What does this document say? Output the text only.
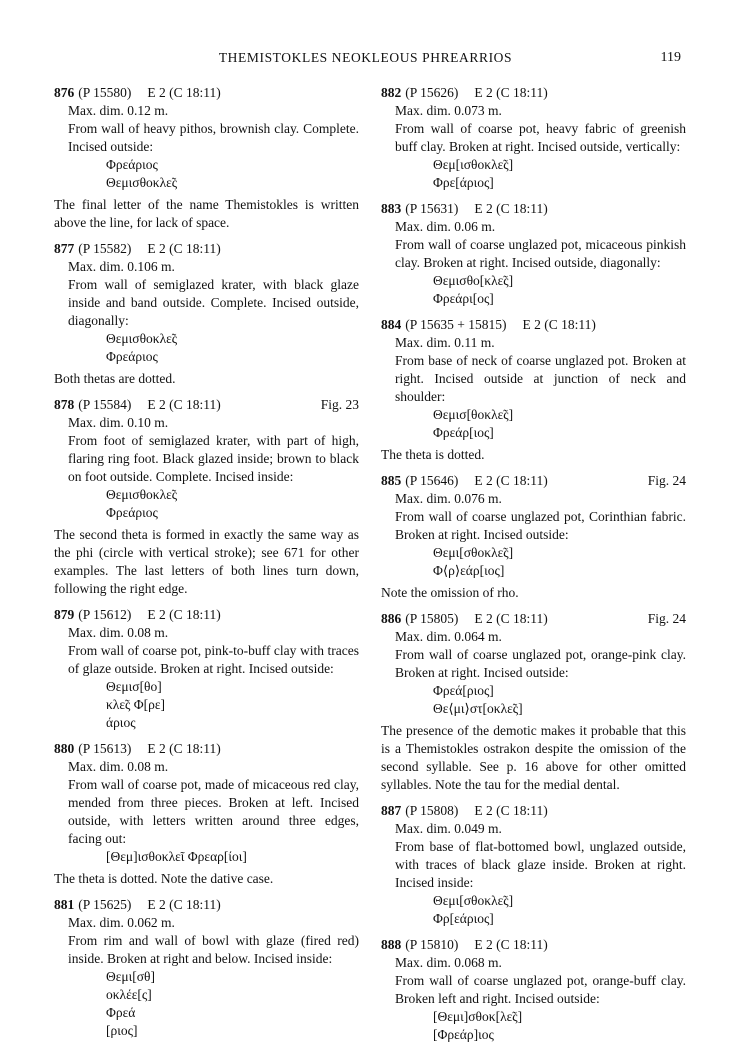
THEMISTOKLES NEOKLEOUS PHREARRIOS	119
876 (P 15580) E 2 (C 18:11)
Max. dim. 0.12 m.
From wall of heavy pithos, brownish clay. Complete. Incised outside:
Φρεάριος
Θεμισθοκλε̃ς
The final letter of the name Themistokles is written above the line, for lack of space.
877 (P 15582) E 2 (C 18:11)
Max. dim. 0.106 m.
From wall of semiglazed krater, with black glaze inside and band outside. Complete. Incised outside, diagonally:
Θεμισθοκλε̃ς
Φρεάριος
Both thetas are dotted.
878 (P 15584) E 2 (C 18:11)	Fig. 23
Max. dim. 0.10 m.
From foot of semiglazed krater, with part of high, flaring ring foot. Black glazed inside; brown to black on foot outside. Complete. Incised inside:
Θεμισθοκλε̃ς
Φρεάριος
The second theta is formed in exactly the same way as the phi (circle with vertical stroke); see 671 for other examples. The last letters of both lines turn down, following the right edge.
879 (P 15612) E 2 (C 18:11)
Max. dim. 0.08 m.
From wall of coarse pot, pink-to-buff clay with traces of glaze outside. Broken at right. Incised outside:
Θεμισ[θο]
κλε̃ς Φ[ρε]
άριος
880 (P 15613) E 2 (C 18:11)
Max. dim. 0.08 m.
From wall of coarse pot, made of micaceous red clay, mended from three pieces. Broken at left. Incised outside, with letters written around three edges, facing out:
[Θεμ]ισθοκλεῖ Φρεαρ[ίοι]
The theta is dotted. Note the dative case.
881 (P 15625) E 2 (C 18:11)
Max. dim. 0.062 m.
From rim and wall of bowl with glaze (fired red) inside. Broken at right and below. Incised inside:
Θεμι[σθ]
οκλέε[ς]
Φρεά
[ριος]
882 (P 15626) E 2 (C 18:11)
Max. dim. 0.073 m.
From wall of coarse pot, heavy fabric of greenish buff clay. Broken at right. Incised outside, vertically:
Θεμ[ισθοκλε̃ς]
Φρε[άριος]
883 (P 15631) E 2 (C 18:11)
Max. dim. 0.06 m.
From wall of coarse unglazed pot, micaceous pinkish clay. Broken at right. Incised outside, diagonally:
Θεμισθο[κλε̃ς]
Φρεάρι[ος]
884 (P 15635 + 15815) E 2 (C 18:11)
Max. dim. 0.11 m.
From base of neck of coarse unglazed pot. Broken at right. Incised outside at junction of neck and shoulder:
Θεμισ[θοκλε̃ς]
Φρεάρ[ιος]
The theta is dotted.
885 (P 15646) E 2 (C 18:11)	Fig. 24
Max. dim. 0.076 m.
From wall of coarse unglazed pot, Corinthian fabric. Broken at right. Incised outside:
Θεμι[σθοκλε̃ς]
Φ⟨ρ⟩εάρ[ιος]
Note the omission of rho.
886 (P 15805) E 2 (C 18:11)	Fig. 24
Max. dim. 0.064 m.
From wall of coarse unglazed pot, orange-pink clay. Broken at right. Incised outside:
Φρεά[ριος]
Θε⟨μι⟩στ[οκλε̃ς]
The presence of the demotic makes it probable that this is a Themistokles ostrakon despite the omission of the second syllable. See p. 16 above for other omitted syllables. Note the tau for the medial dental.
887 (P 15808) E 2 (C 18:11)
Max. dim. 0.049 m.
From base of flat-bottomed bowl, unglazed outside, with traces of black glaze inside. Broken at right. Incised inside:
Θεμι[σθοκλε̃ς]
Φρ[εάριος]
888 (P 15810) E 2 (C 18:11)
Max. dim. 0.068 m.
From wall of coarse unglazed pot, orange-buff clay. Broken left and right. Incised outside:
[Θεμι]σθοκ[λε̃ς]
[Φρεάρ]ιος
